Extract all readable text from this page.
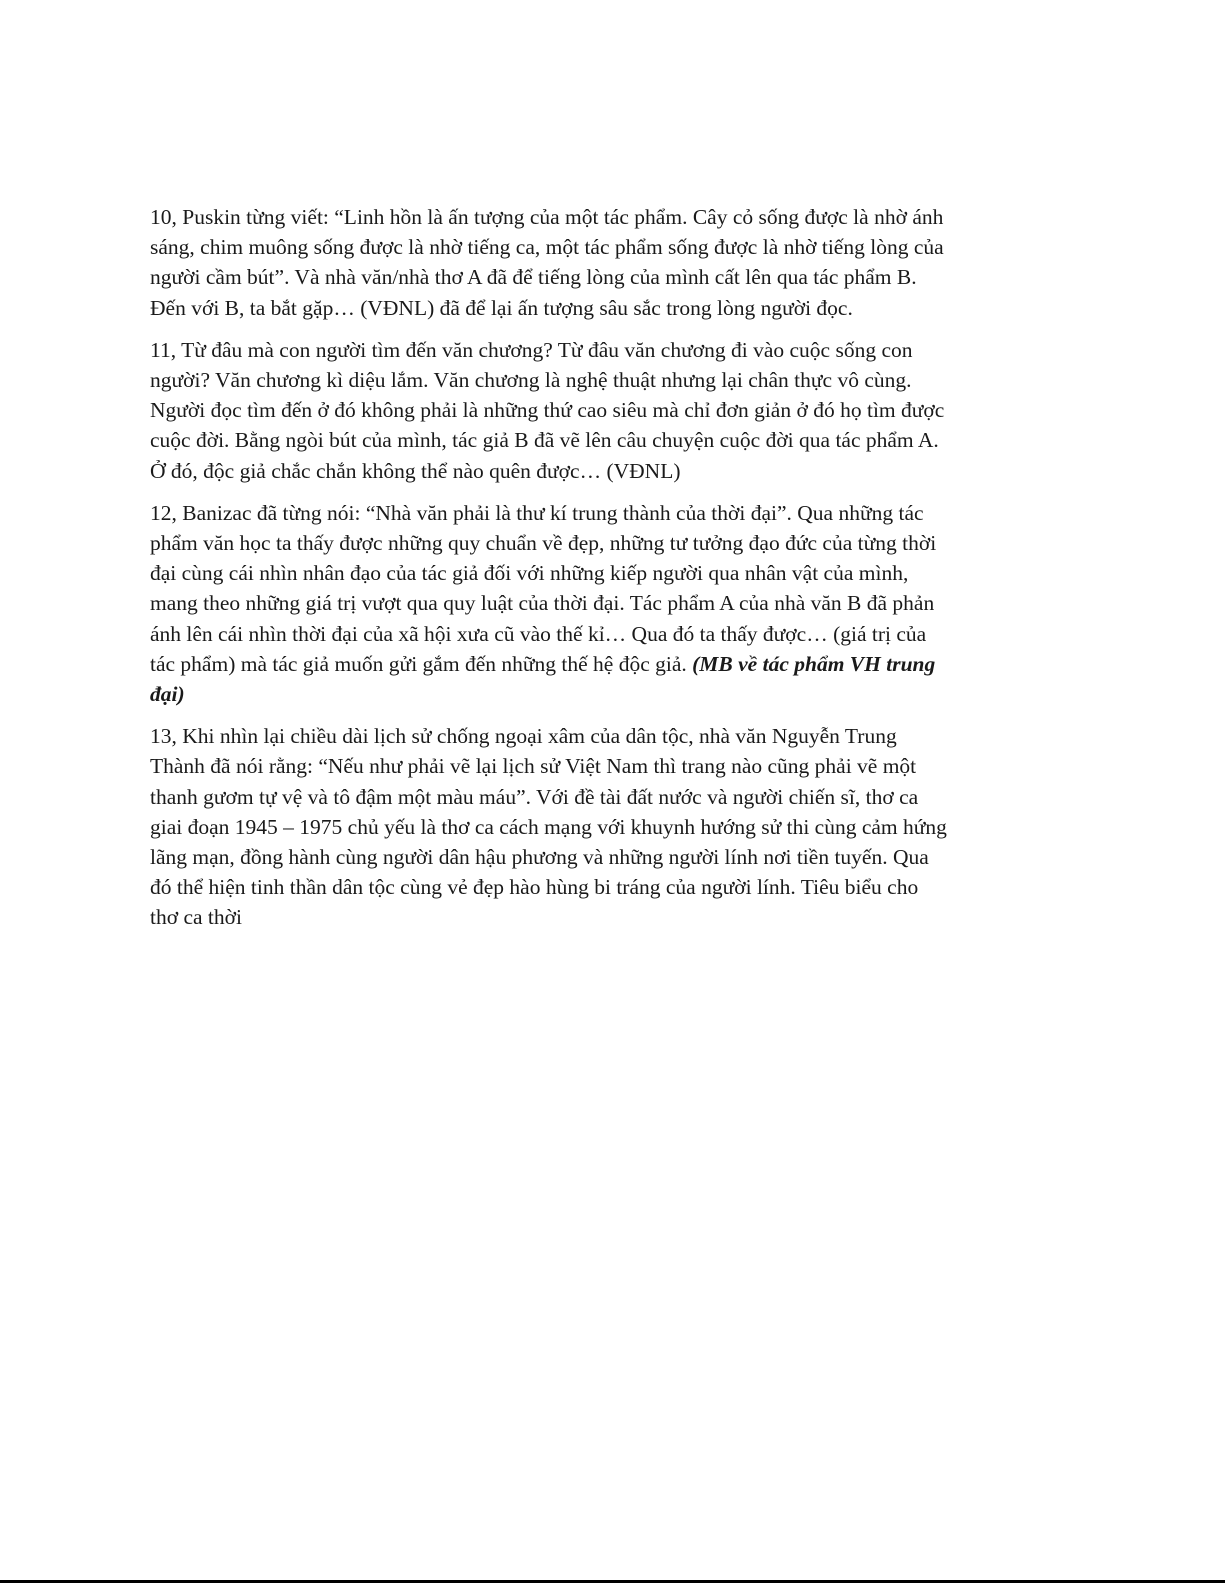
10, Puskin từng viết: “Linh hồn là ấn tượng của một tác phẩm. Cây cỏ sống được là nhờ ánh sáng, chim muông sống được là nhờ tiếng ca, một tác phẩm sống được là nhờ tiếng lòng của người cầm bút”. Và nhà văn/nhà thơ A đã để tiếng lòng của mình cất lên qua tác phẩm B. Đến với B, ta bắt gặp… (VĐNL) đã để lại ấn tượng sâu sắc trong lòng người đọc.

11, Từ đâu mà con người tìm đến văn chương? Từ đâu văn chương đi vào cuộc sống con người? Văn chương kì diệu lắm. Văn chương là nghệ thuật nhưng lại chân thực vô cùng. Người đọc tìm đến ở đó không phải là những thứ cao siêu mà chỉ đơn giản ở đó họ tìm được cuộc đời. Bằng ngòi bút của mình, tác giả B đã vẽ lên câu chuyện cuộc đời qua tác phẩm A. Ở đó, độc giả chắc chắn không thể nào quên được… (VĐNL)

12, Banizac đã từng nói: “Nhà văn phải là thư kí trung thành của thời đại”. Qua những tác phẩm văn học ta thấy được những quy chuẩn về đẹp, những tư tưởng đạo đức của từng thời đại cùng cái nhìn nhân đạo của tác giả đối với những kiếp người qua nhân vật của mình, mang theo những giá trị vượt qua quy luật của thời đại. Tác phẩm A của nhà văn B đã phản ánh lên cái nhìn thời đại của xã hội xưa cũ vào thế kỉ… Qua đó ta thấy được… (giá trị của tác phẩm) mà tác giả muốn gửi gắm đến những thế hệ độc giả. (MB về tác phẩm VH trung đại)

13, Khi nhìn lại chiều dài lịch sử chống ngoại xâm của dân tộc, nhà văn Nguyễn Trung Thành đã nói rằng: “Nếu như phải vẽ lại lịch sử Việt Nam thì trang nào cũng phải vẽ một thanh gươm tự vệ và tô đậm một màu máu”. Với đề tài đất nước và người chiến sĩ, thơ ca giai đoạn 1945 – 1975 chủ yếu là thơ ca cách mạng với khuynh hướng sử thi cùng cảm hứng lãng mạn, đồng hành cùng người dân hậu phương và những người lính nơi tiền tuyến. Qua đó thể hiện tinh thần dân tộc cùng vẻ đẹp hào hùng bi tráng của người lính. Tiêu biểu cho thơ ca thời
